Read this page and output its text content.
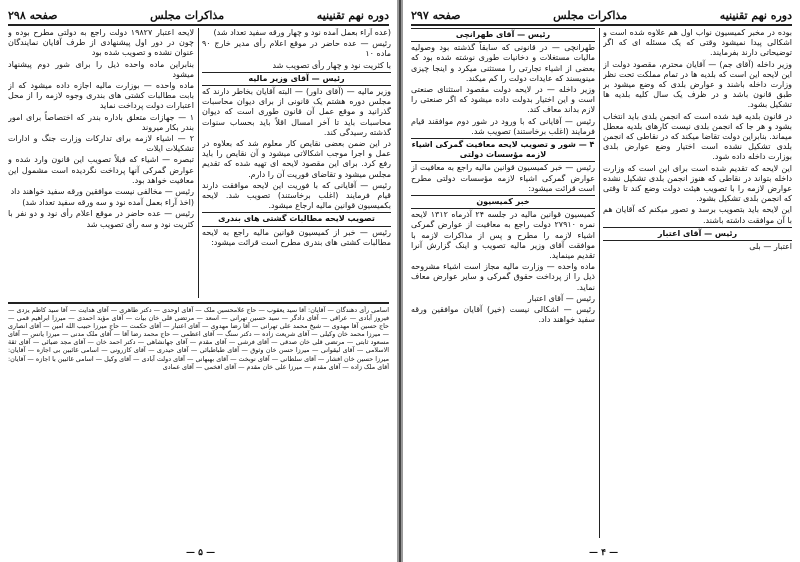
دوره نهم تقنینیه
مذاکرات مجلس
صفحه ۲۹۸

(عده آراء بعمل آمده نود و چهار ورقه سفید تعداد شد)

رئیس — عده حاضر در موقع اعلام رأی مدیر خارج ۹۰ ماده ۱۰

با کثریت نود و چهار رأی تصویب شد

رئیس — آقای وزیر مالیه

وزیر مالیه — (آقای داور) — البته آقایان بخاطر دارند که مجلس دوره هشتم یک قانونی از برای دیوان محاسبات گذرانید و موقع عمل آن قانون طوری است که دیوان محاسبات باید تا آخر امسال اقلاً باید بحساب سنوات گذشته رسیدگی کند.

در این ضمن بعضی نقایص کار معلوم شد که بعلاوه در عمل و اجرا موجب اشکالاتی میشود و آن نقایص را باید رفع کرد. برای این مقصود لایحه ای تهیه شده که تقدیم مجلس میشود و تقاضای فوریت آن را دارم.

رئیس — آقایانی که با فوریت این لایحه موافقت دارند قیام فرمایند (اغلب برخاستند) تصویب شد. لایحه بکمیسیون قوانین مالیه ارجاع میشود.

تصویب لایحه مطالبات گشتی های بندری

رئیس — خبر از کمیسیون قوانین مالیه راجع به لایحه مطالبات کشتی های بندری مطرح است قرائت میشود:

لایحه اعتبار ۱۹۸۲۷ دولت راجع به دولتی مطرح بوده و چون در دور اول پیشنهادی از طرف آقایان نمایندگان عنوان نشده و تصویب شده بود

بنابراین ماده واحده ذیل را برای شور دوم پیشنهاد میشود

ماده واحده — بوزارت مالیه اجازه داده میشود که از بابت مطالبات کشتی های بندری وجوه لازمه را از محل اعتبارات دولت پرداخت نماید

۱ — جهازات متعلق باداره بندر که اختصاصاً برای امور بندر بکار میروند

۲ — اشیاء لازمه برای تدارکات وزارت جنگ و ادارات تشکیلات ایلات

تبصره — اشیاء که قبلاً تصویب این قانون وارد شده و عوارض گمرکی آنها پرداخت نگردیده است مشمول این معافیت خواهد بود.

رئیس — مخالفی نیست موافقین ورقه سفید خواهند داد

(اخذ آراء بعمل آمده نود و سه ورقه سفید تعداد شد)

رئیس — عده حاضر در موقع اعلام رأی نود و دو نفر با کثریت نود و سه رأی تصویب شد

اسامی رأی دهندگان — آقایان: آقا سید یعقوب — حاج غلامحسین ملک — آقای اوحدی — دکتر طاهری — آقای هدایت — آقا سید کاظم یزدی — فیروز آبادی — عراقی — آقای دادگر — سید حسین تهرانی — اسعد — مرتضی قلی خان بیات — آقای مؤید احمدی — میرزا ابراهیم قمی — حاج حسین آقا مهدوی — شیخ محمد علی تهرانی — آقا رضا مهدوی — آقای اعتبار — آقای حکمت — حاج میرزا حبیب الله امین — آقای انصاری — میرزا محمد خان وکیلی — آقای شریعت زاده — دکتر سنگ — آقای اعظمی — حاج محمد رضا آقا — آقای ملک مدنی — میرزا یانس — آقای مسعود ثابتی — مرتضی قلی خان صدقی — آقای فرشی — آقای مقدم — آقای جهانشاهی — دکتر احمد خان — آقای مجد ضیائی — آقای ثقة الاسلامی — آقای لیقوانی — میرزا حسن خان وثوق — آقای طباطبائی — آقای حیدری — آقای کازرونی — اسامی غائبین بی اجازه — آقایان: میرزا حسین خان افشار — آقای سلطانی — آقای نوبخت — آقای بهبهانی — آقای دولت آبادی — آقای وکیل — اسامی غائبین با اجازه — آقایان: آقای ملک زاده — آقای مقدم — میرزا علی خان مقدم — آقای افخمی — آقای عمادی
— ۵ —
دوره نهم تقنینیه
مذاکرات مجلس
صفحه ۲۹۷

رئیس — آقای طهرانچی

طهرانچی — در قانونی که سابقاً گذشته بود وصولیه مالیات مستغلات و دخانیات طوری نوشته شده بود که بعضی از اشیاء تجارتی را مستثنی میکرد و اینجا چیزی مینویسند که عایدات دولت را کم میکند.

وزیر داخله — در لایحه دولت مقصود استثنای صنعتی است و این اختیار بدولت داده میشود که اگر صنعتی را لازم بداند معاف کند.

رئیس — آقایانی که با ورود در شور دوم موافقند قیام فرمایند (اغلب برخاستند) تصویب شد.

۴ — شور و تصویب لایحه معافیت گمرکی اشیاء لازمه مؤسسات دولتی

رئیس — خبر کمیسیون قوانین مالیه راجع به معافیت از عوارض گمرکی اشیاء لازمه مؤسسات دولتی مطرح است قرائت میشود:

خبر کمیسیون

کمیسیون قوانین مالیه در جلسه ۲۴ آذرماه ۱۳۱۲ لایحه نمره ۲۷۹۱۰ دولت راجع به معافیت از عوارض گمرکی اشیاء لازمه را مطرح و پس از مذاکرات لازمه با موافقت آقای وزیر مالیه تصویب و اینک گزارش آنرا تقدیم مینماید.

ماده واحده — وزارت مالیه مجاز است اشیاء مشروحه ذیل را از پرداخت حقوق گمرکی و سایر عوارض معاف نماید.

رئیس — آقای اعتبار

رئیس — اشکالی نیست (خیر) آقایان موافقین ورقه سفید خواهند داد.

بوده در مخبر کمیسیون نواب اول هم علاوه شده است و اشکالی پیدا نمیشود وقتی که یک مسئله ای که اگر توضیحاتی دارند بفرمایند.

وزیر داخله (آقای جم) — آقایان محترم، مقصود دولت از این لایحه این است که بلدیه ها در تمام مملکت تحت نظر وزارت داخله باشند و عوارض بلدی که وضع میشود بر طبق قانون باشد و در ظرف یک سال کلیه بلدیه ها تشکیل بشود.

در قانون بلدیه قید شده است که انجمن بلدی باید انتخاب بشود و هر جا که انجمن بلدی نیست کارهای بلدیه معطل میماند. بنابراین دولت تقاضا میکند که در نقاطی که انجمن بلدی تشکیل نشده است اختیار وضع عوارض بلدی بوزارت داخله داده شود.

این لایحه که تقدیم شده است برای این است که وزارت داخله بتواند در نقاطی که هنوز انجمن بلدی تشکیل نشده عوارض لازمه را با تصویب هیئت دولت وضع کند تا وقتی که انجمن بلدی تشکیل بشود.

این لایحه باید بتصویب برسد و تصور میکنم که آقایان هم با آن موافقت داشته باشند.

رئیس — آقای اعتبار

اعتبار — بلی

— ۴ —
